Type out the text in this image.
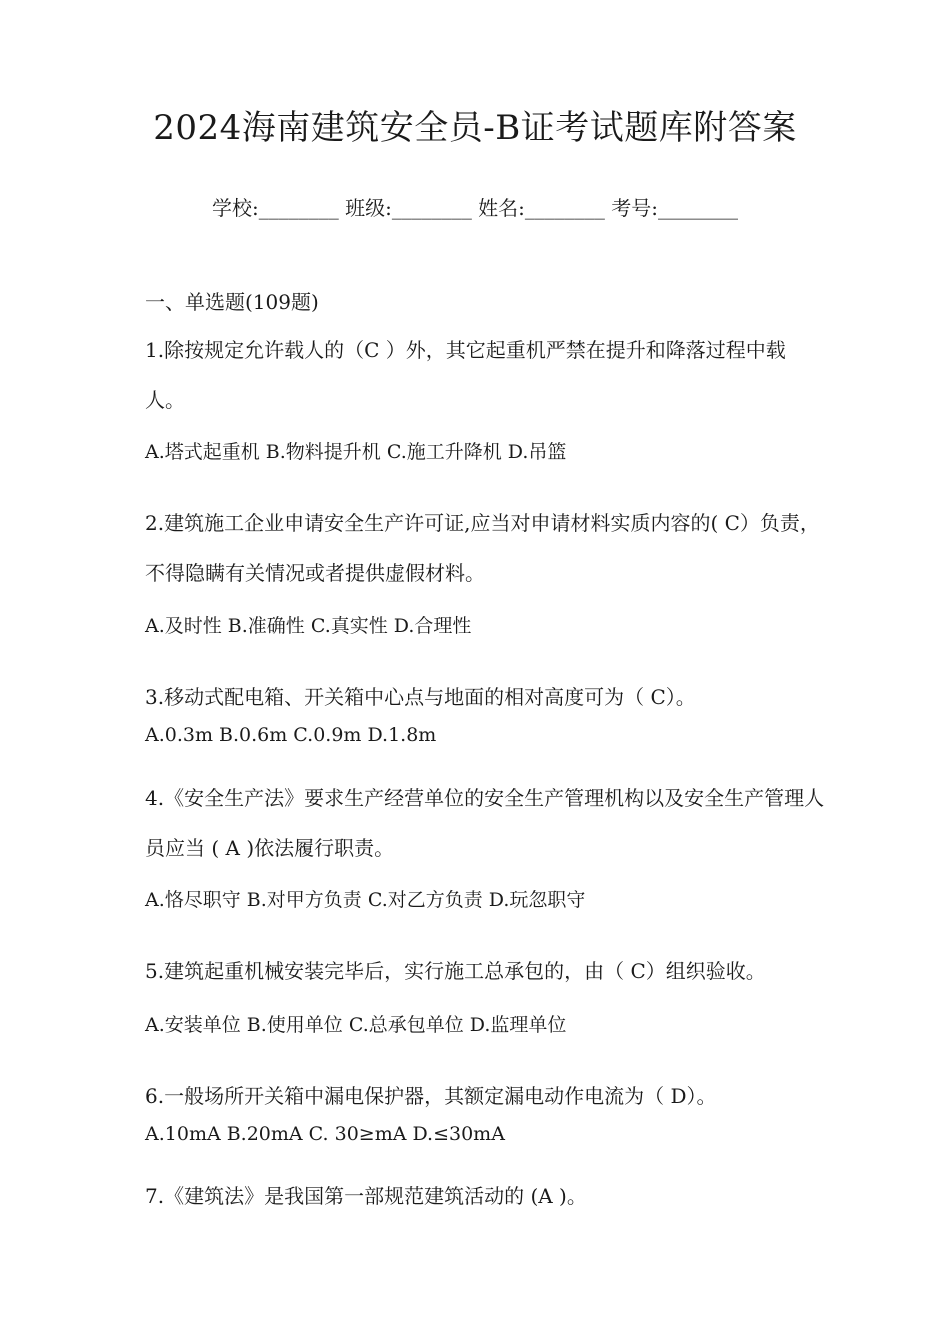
2024海南建筑安全员-B证考试题库附答案
学校:________ 班级:________ 姓名:________ 考号:________
一、单选题(109题)
1.除按规定允许载人的（C ）外，其它起重机严禁在提升和降落过程中载人。
A.塔式起重机 B.物料提升机 C.施工升降机 D.吊篮
2.建筑施工企业申请安全生产许可证,应当对申请材料实质内容的( C）负责，不得隐瞒有关情况或者提供虚假材料。
A.及时性 B.准确性 C.真实性 D.合理性
3.移动式配电箱、开关箱中心点与地面的相对高度可为（ C）。
A.0.3m B.0.6m C.0.9m D.1.8m
4.《安全生产法》要求生产经营单位的安全生产管理机构以及安全生产管理人员应当 ( A )依法履行职责。
A.恪尽职守 B.对甲方负责 C.对乙方负责 D.玩忽职守
5.建筑起重机械安装完毕后，实行施工总承包的，由（ C）组织验收。
A.安装单位 B.使用单位 C.总承包单位 D.监理单位
6.一般场所开关箱中漏电保护器，其额定漏电动作电流为（ D）。
A.10mA B.20mA C. 30≥mA D.≤30mA
7.《建筑法》是我国第一部规范建筑活动的 (A )。
